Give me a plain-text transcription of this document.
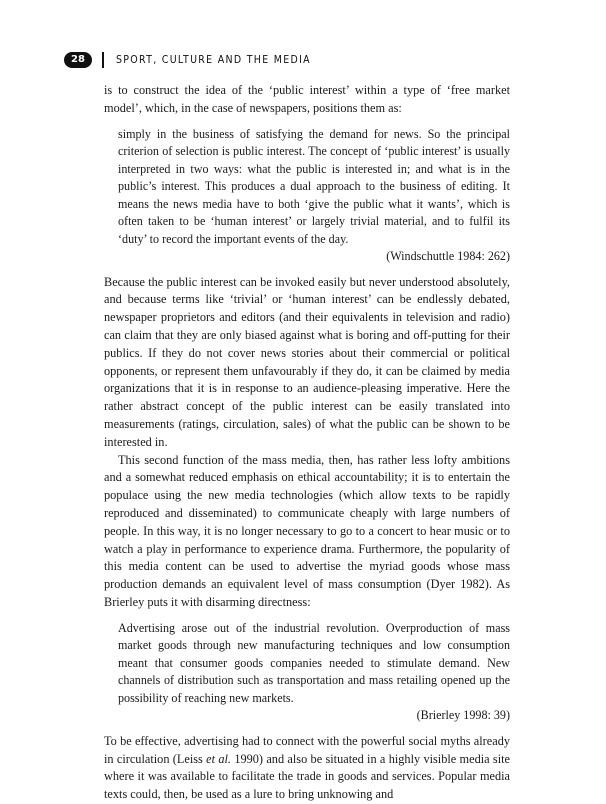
28	SPORT, CULTURE AND THE MEDIA

is to construct the idea of the ‘public interest’ within a type of ‘free market model’, which, in the case of newspapers, positions them as:

simply in the business of satisfying the demand for news. So the principal criterion of selection is public interest. The concept of ‘public interest’ is usually interpreted in two ways: what the public is interested in; and what is in the public’s interest. This produces a dual approach to the business of editing. It means the news media have to both ‘give the public what it wants’, which is often taken to be ‘human interest’ or largely trivial material, and to fulfil its ‘duty’ to record the important events of the day.
(Windschuttle 1984: 262)

Because the public interest can be invoked easily but never understood absolutely, and because terms like ‘trivial’ or ‘human interest’ can be endlessly debated, newspaper proprietors and editors (and their equivalents in television and radio) can claim that they are only biased against what is boring and off-putting for their publics. If they do not cover news stories about their commercial or political opponents, or represent them unfavourably if they do, it can be claimed by media organizations that it is in response to an audience-pleasing imperative. Here the rather abstract concept of the public interest can be easily translated into measurements (ratings, circulation, sales) of what the public can be shown to be interested in.

This second function of the mass media, then, has rather less lofty ambitions and a somewhat reduced emphasis on ethical accountability; it is to entertain the populace using the new media technologies (which allow texts to be rapidly reproduced and disseminated) to communicate cheaply with large numbers of people. In this way, it is no longer necessary to go to a concert to hear music or to watch a play in performance to experience drama. Furthermore, the popularity of this media content can be used to advertise the myriad goods whose mass production demands an equivalent level of mass consumption (Dyer 1982). As Brierley puts it with disarming directness:

Advertising arose out of the industrial revolution. Overproduction of mass market goods through new manufacturing techniques and low consumption meant that consumer goods companies needed to stimulate demand. New channels of distribution such as transportation and mass retailing opened up the possibility of reaching new markets.
(Brierley 1998: 39)

To be effective, advertising had to connect with the powerful social myths already in circulation (Leiss et al. 1990) and also be situated in a highly visible media site where it was available to facilitate the trade in goods and services. Popular media texts could, then, be used as a lure to bring unknowing and
